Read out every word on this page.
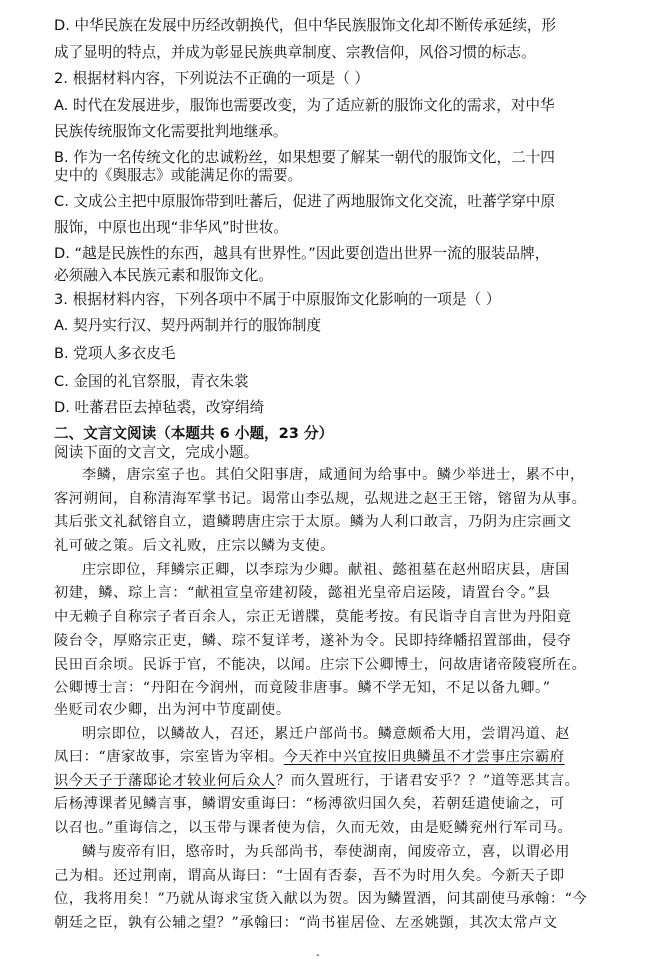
D. 中华民族在发展中历经改朝换代，但中华民族服饰文化却不断传承延续，形
成了显明的特点，并成为彰显民族典章制度、宗教信仰，风俗习惯的标志。
2. 根据材料内容，下列说法不正确的一项是（ ）
A. 时代在发展进步，服饰也需要改变，为了适应新的服饰文化的需求，对中华
民族传统服饰文化需要批判地继承。
B. 作为一名传统文化的忠诚粉丝，如果想要了解某一朝代的服饰文化，二十四
史中的《舆服志》或能满足你的需要。
C. 文成公主把中原服饰带到吐蕃后，促进了两地服饰文化交流，吐蕃学穿中原
服饰，中原也出现“非华风”时世妆。
D. “越是民族性的东西，越具有世界性。”因此要创造出世界一流的服装品牌，
必须融入本民族元素和服饰文化。
3. 根据材料内容，下列各项中不属于中原服饰文化影响的一项是（ ）
A. 契丹实行汉、契丹两制并行的服饰制度
B. 党项人多衣皮毛
C. 金国的礼官祭服，青衣朱裳
D. 吐蕃君臣去掉毡裘，改穿绢绮
二、文言文阅读（本题共 6 小题，23 分）
阅读下面的文言文，完成小题。
李鳞，唐宗室子也。其伯父阳事唐，咸通间为给事中。鳞少举进士，累不中，
客河朔间，自称清海军掌书记。谒常山李弘规，弘规进之赵王王镕，镕留为从事。
其后张文礼弑镕自立，遣鳞聘唐庄宗于太原。鳞为人利口敢言，乃阴为庄宗画文
礼可破之策。后文礼败，庄宗以鳞为支使。
庄宗即位，拜鳞宗正卿，以李琮为少卿。献祖、懿祖墓在赵州昭庆县，唐国
初建，鳞、琮上言：“献祖宣皇帝建初陵，懿祖光皇帝启运陵，请置台令。”县
中无赖子自称宗子者百余人，宗正无谱牒，莫能考按。有民诣寺自言世为丹阳竟
陵台令，厚赂宗正吏，鳞、琮不复详考，遂补为令。民即持绛幡招置部曲，侵夺
民田百余顷。民诉于官，不能决，以闻。庄宗下公卿博士，问故唐诸帝陵寝所在。
公卿博士言：“丹阳在今润州，而竟陵非唐事。鳞不学无知，不足以备九卿。”
坐贬司农少卿，出为河中节度副使。
明宗即位，以鳞故人，召还，累迁户部尚书。鳞意颇希大用，尝谓冯道、赵
凤曰：“唐家故事，宗室皆为宰相。今天祚中兴宜按旧典鳞虽不才尝事庄宗霸府
识今天子于藩邸论才较业何后众人？而久置班行，于诸君安乎？？”道等恶其言。
后杨溥课者见鳞言事，鳞谓安重诲曰：“杨溥欲归国久矣，若朝廷遣使谕之，可
以召也。”重诲信之，以玉带与课者使为信，久而无效，由是贬鳞兖州行军司马。
鳞与废帝有旧，愍帝时，为兵部尚书，奉使湖南，闻废帝立，喜，以谓必用
己为相。还过荆南，谓高从诲曰：“士固有否泰，吾不为时用久矣。今新天子即
位，我将用矣！”乃就从诲求宝货入献以为贺。因为鳞置酒，问其副使马承翰：“今
朝廷之臣，孰有公辅之望？”承翰曰：“尚书崔居俭、左丞姚顗，其次太常卢文
-
